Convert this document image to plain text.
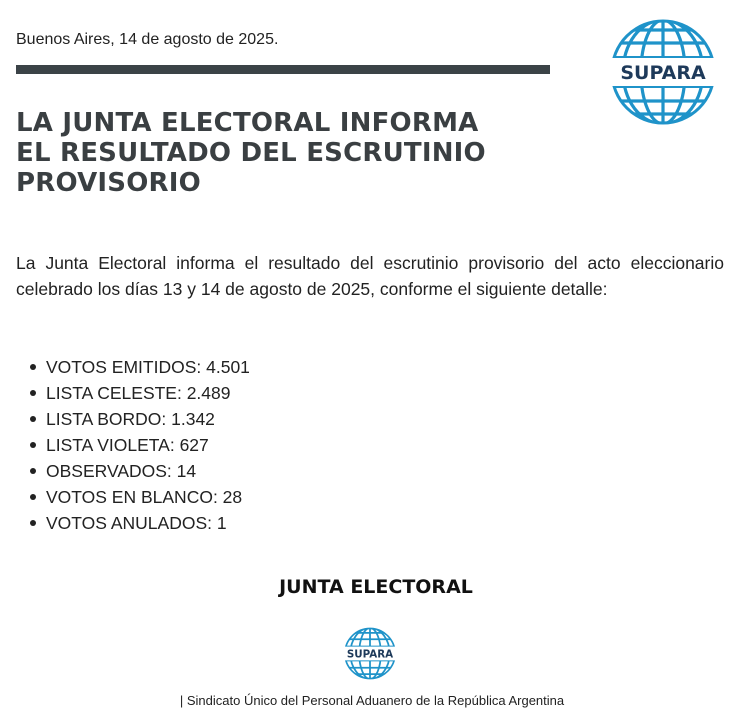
Buenos Aires, 14 de agosto de 2025.
SUPARA
LA JUNTA ELECTORAL INFORMA
EL RESULTADO DEL ESCRUTINIO
PROVISORIO

La Junta Electoral informa el resultado del escrutinio provisorio del acto eleccionario celebrado los días 13 y 14 de agosto de 2025, conforme el siguiente detalle:

VOTOS EMITIDOS: 4.501
LISTA CELESTE: 2.489
LISTA BORDO: 1.342
LISTA VIOLETA: 627
OBSERVADOS: 14
VOTOS EN BLANCO: 28
VOTOS ANULADOS: 1
JUNTA ELECTORAL
SUPARA
| Sindicato Único del Personal Aduanero de la República Argentina
